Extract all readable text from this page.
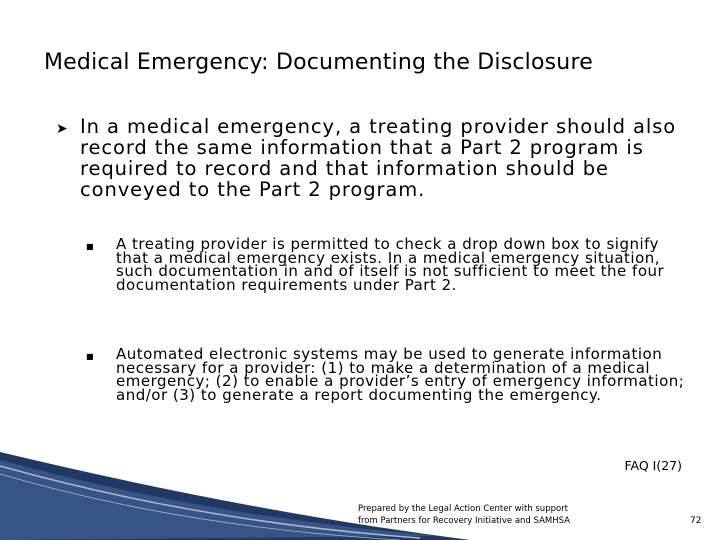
Medical Emergency: Documenting the Disclosure
➤ In a medical emergency, a treating provider should also record the same information that a Part 2 program is required to record and that information should be conveyed to the Part 2 program.
■ A treating provider is permitted to check a drop down box to signify that a medical emergency exists. In a medical emergency situation, such documentation in and of itself is not sufficient to meet the four documentation requirements under Part 2.
■ Automated electronic systems may be used to generate information necessary for a provider: (1) to make a determination of a medical emergency; (2) to enable a provider’s entry of emergency information; and/or (3) to generate a report documenting the emergency.
FAQ I(27)
Prepared by the Legal Action Center with support
from Partners for Recovery Initiative and SAMHSA	72
